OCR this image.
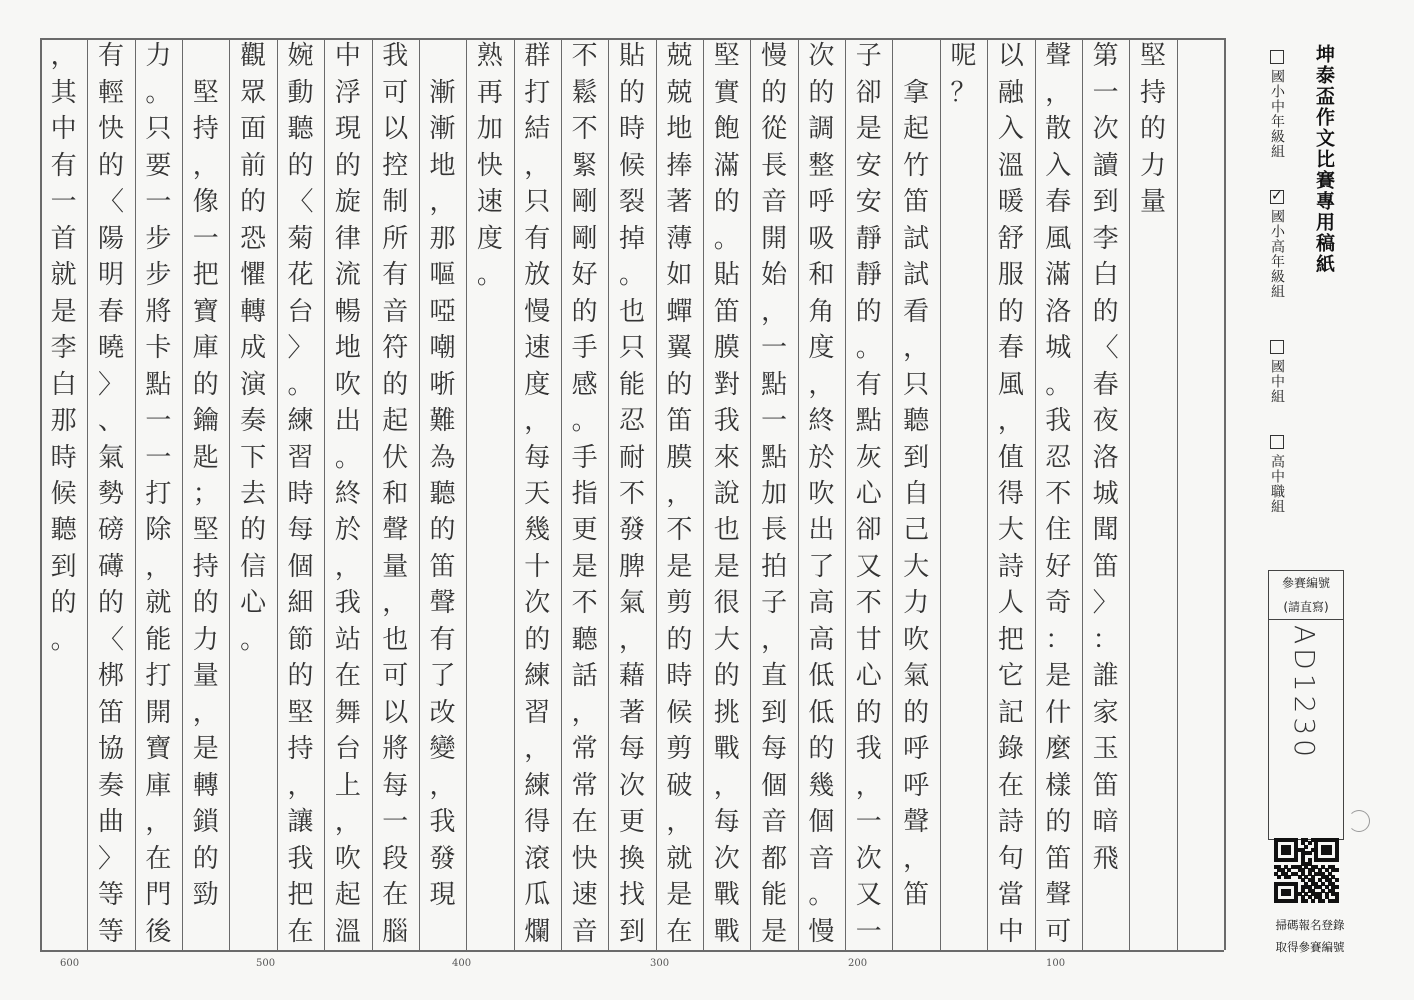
堅
持
的
力
量
第
一
次
讀
到
李
白
的
〈
春
夜
洛
城
聞
笛
〉
：
誰
家
玉
笛
暗
飛
聲
，
散
入
春
風
滿
洛
城
。
我
忍
不
住
好
奇
：
是
什
麼
樣
的
笛
聲
可
以
融
入
溫
暖
舒
服
的
春
風
，
值
得
大
詩
人
把
它
記
錄
在
詩
句
當
中
呢
？

拿
起
竹
笛
試
試
看
，
只
聽
到
自
己
大
力
吹
氣
的
呼
呼
聲
，
笛
子
卻
是
安
安
靜
靜
的
。
有
點
灰
心
卻
又
不
甘
心
的
我
，
一
次
又
一
次
的
調
整
呼
吸
和
角
度
，
終
於
吹
出
了
高
高
低
低
的
幾
個
音
。
慢
慢
的
從
長
音
開
始
，
一
點
一
點
加
長
拍
子
，
直
到
每
個
音
都
能
是
堅
實
飽
滿
的
。
貼
笛
膜
對
我
來
說
也
是
很
大
的
挑
戰
，
每
次
戰
戰
兢
兢
地
捧
著
薄
如
蟬
翼
的
笛
膜
，
不
是
剪
的
時
候
剪
破
，
就
是
在
貼
的
時
候
裂
掉
。
也
只
能
忍
耐
不
發
脾
氣
，
藉
著
每
次
更
換
找
到
不
鬆
不
緊
剛
剛
好
的
手
感
。
手
指
更
是
不
聽
話
，
常
常
在
快
速
音
群
打
結
，
只
有
放
慢
速
度
，
每
天
幾
十
次
的
練
習
，
練
得
滾
瓜
爛
熟
再
加
快
速
度
。

漸
漸
地
，
那
嘔
啞
嘲
哳
難
為
聽
的
笛
聲
有
了
改
變
，
我
發
現
我
可
以
控
制
所
有
音
符
的
起
伏
和
聲
量
，
也
可
以
將
每
一
段
在
腦
中
浮
現
的
旋
律
流
暢
地
吹
出
。
終
於
，
我
站
在
舞
台
上
，
吹
起
溫
婉
動
聽
的
〈
菊
花
台
〉
。
練
習
時
每
個
細
節
的
堅
持
，
讓
我
把
在
觀
眾
面
前
的
恐
懼
轉
成
演
奏
下
去
的
信
心
。

堅
持
，
像
一
把
寶
庫
的
鑰
匙
；
堅
持
的
力
量
，
是
轉
鎖
的
勁
力
。
只
要
一
步
步
將
卡
點
一
一
打
除
，
就
能
打
開
寶
庫
，
在
門
後
有
輕
快
的
〈
陽
明
春
曉
〉
、
氣
勢
磅
礡
的
〈
梆
笛
協
奏
曲
〉
等
等
，
其
中
有
一
首
就
是
李
白
那
時
候
聽
到
的
。
600	500	400	300	200	100
坤泰盃作文比賽專用稿紙
國小中年級組
✓
國小高年級組
國中組
高中職組
參賽編號
(請直寫)
AD1230
掃碼報名登錄
取得參賽編號
